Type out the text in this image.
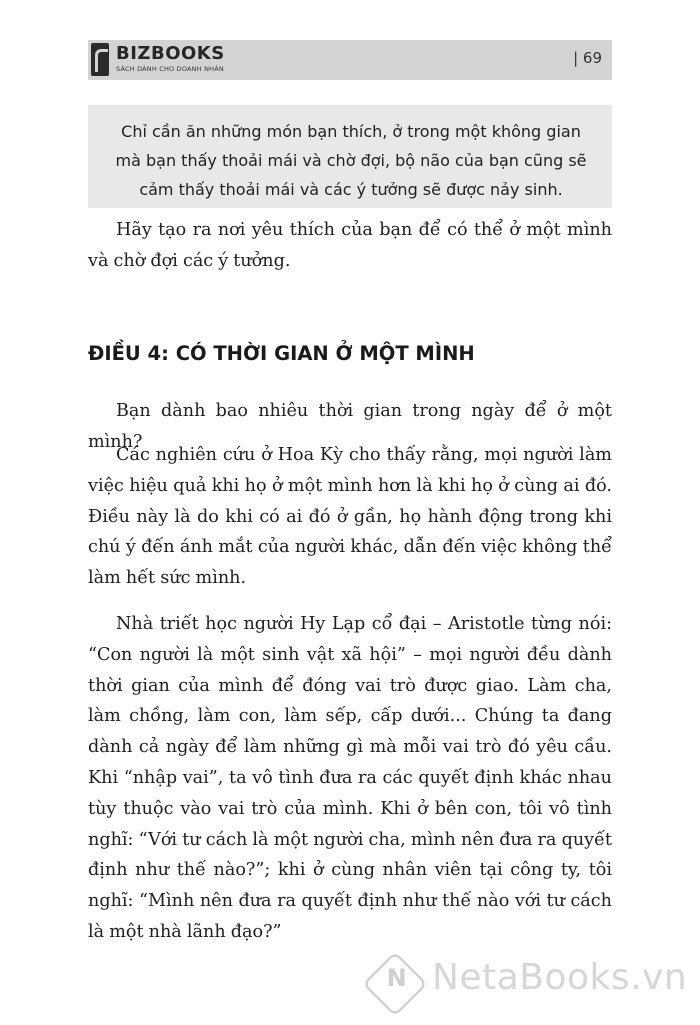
BIZBOOKS
SÁCH DÀNH CHO DOANH NHÂN
| 69

Chỉ cần ăn những món bạn thích, ở trong một không gian mà bạn thấy thoải mái và chờ đợi, bộ não của bạn cũng sẽ cảm thấy thoải mái và các ý tưởng sẽ được nảy sinh.

Hãy tạo ra nơi yêu thích của bạn để có thể ở một mình và chờ đợi các ý tưởng.

ĐIỀU 4: CÓ THỜI GIAN Ở MỘT MÌNH

Bạn dành bao nhiêu thời gian trong ngày để ở một mình?

Các nghiên cứu ở Hoa Kỳ cho thấy rằng, mọi người làm việc hiệu quả khi họ ở một mình hơn là khi họ ở cùng ai đó. Điều này là do khi có ai đó ở gần, họ hành động trong khi chú ý đến ánh mắt của người khác, dẫn đến việc không thể làm hết sức mình.

Nhà triết học người Hy Lạp cổ đại – Aristotle từng nói: “Con người là một sinh vật xã hội” – mọi người đều dành thời gian của mình để đóng vai trò được giao. Làm cha, làm chồng, làm con, làm sếp, cấp dưới... Chúng ta đang dành cả ngày để làm những gì mà mỗi vai trò đó yêu cầu. Khi “nhập vai”, ta vô tình đưa ra các quyết định khác nhau tùy thuộc vào vai trò của mình. Khi ở bên con, tôi vô tình nghĩ: “Với tư cách là một người cha, mình nên đưa ra quyết định như thế nào?”; khi ở cùng nhân viên tại công ty, tôi nghĩ: “Mình nên đưa ra quyết định như thế nào với tư cách là một nhà lãnh đạo?”

N NetaBooks.vn
